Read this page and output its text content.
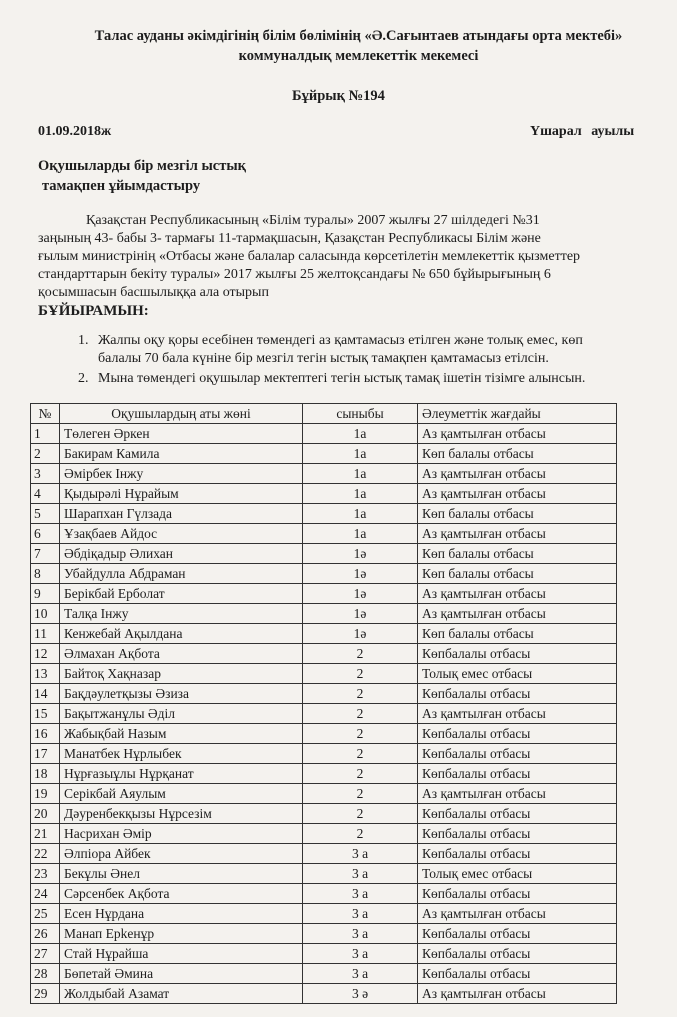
Талас ауданы әкімдігінің білім бөлімінің «Ә.Сағынтаев атындағы орта мектебі»
коммуналдық мемлекеттік мекемесі
Бұйрық №194
01.09.2018ж	Үшарал ауылы
Оқушыларды бір мезгіл ыстық
тамақпен ұйымдастыру
Қазақстан Республикасының «Білім туралы» 2007 жылғы 27 шілдедегі №31
заңының 43- бабы 3- тармағы 11-тармақшасын, Қазақстан Республикасы Білім және
ғылым министрінің «Отбасы және балалар саласында көрсетілетін мемлекеттік қызметтер
стандарттарын бекіту туралы» 2017 жылғы 25 желтоқсандағы № 650 бұйырығының 6
қосымшасын басшылыққа ала отырып
БҰЙЫРАМЫН:
1. Жалпы оқу қоры есебінен төмендегі аз қамтамасыз етілген және толық емес, көп
балалы 70 бала күніне бір мезгіл тегін ыстық тамақпен қамтамасыз етілсін.
2. Мына төмендегі оқушылар мектептегі тегін ыстық тамақ ішетін тізімге алынсын.
№	Оқушылардың аты жөні	сыныбы	Әлеуметтік жағдайы
1	Төлеген Әркен	1а	Аз қамтылған отбасы
2	Бакирам Камила	1а	Көп балалы отбасы
3	Әмірбек Інжу	1а	Аз қамтылған отбасы
4	Қыдырәлі Нұрайым	1а	Аз қамтылған отбасы
5	Шарапхан Гүлзада	1а	Көп балалы отбасы
6	Ұзақбаев Айдос	1а	Аз қамтылған отбасы
7	Әбдіқадыр Әлихан	1ә	Көп балалы отбасы
8	Убайдулла Абдраман	1ә	Көп балалы отбасы
9	Берікбай Ерболат	1ә	Аз қамтылған отбасы
10	Талқа Інжу	1ә	Аз қамтылған отбасы
11	Кенжебай Ақылдана	1ә	Көп балалы отбасы
12	Әлмахан Ақбота	2	Көпбалалы отбасы
13	Байтоқ Хақназар	2	Толық емес отбасы
14	Бақдәулетқызы Әзиза	2	Көпбалалы отбасы
15	Бақытжанұлы Әділ	2	Аз қамтылған отбасы
16	Жабықбай Назым	2	Көпбалалы отбасы
17	Манатбек Нұрлыбек	2	Көпбалалы отбасы
18	Нұрғазыұлы Нұрқанат	2	Көпбалалы отбасы
19	Серікбай Аяулым	2	Аз қамтылған отбасы
20	Дәуренбекқызы Нұрсезім	2	Көпбалалы отбасы
21	Насрихан Әмір	2	Көпбалалы отбасы
22	Әлпіора Айбек	3 а	Көпбалалы отбасы
23	Бекұлы Әнел	3 а	Толық емес отбасы
24	Сәрсенбек Ақбота	3 а	Көпбалалы отбасы
25	Есен Нұрдана	3 а	Аз қамтылған отбасы
26	Манап Ерkенұр	3 а	Көпбалалы отбасы
27	Стай Нұрайша	3 а	Көпбалалы отбасы
28	Бөпетай Әмина	3 а	Көпбалалы отбасы
29	Жолдыбай Азамат	3 ә	Аз қамтылған отбасы
